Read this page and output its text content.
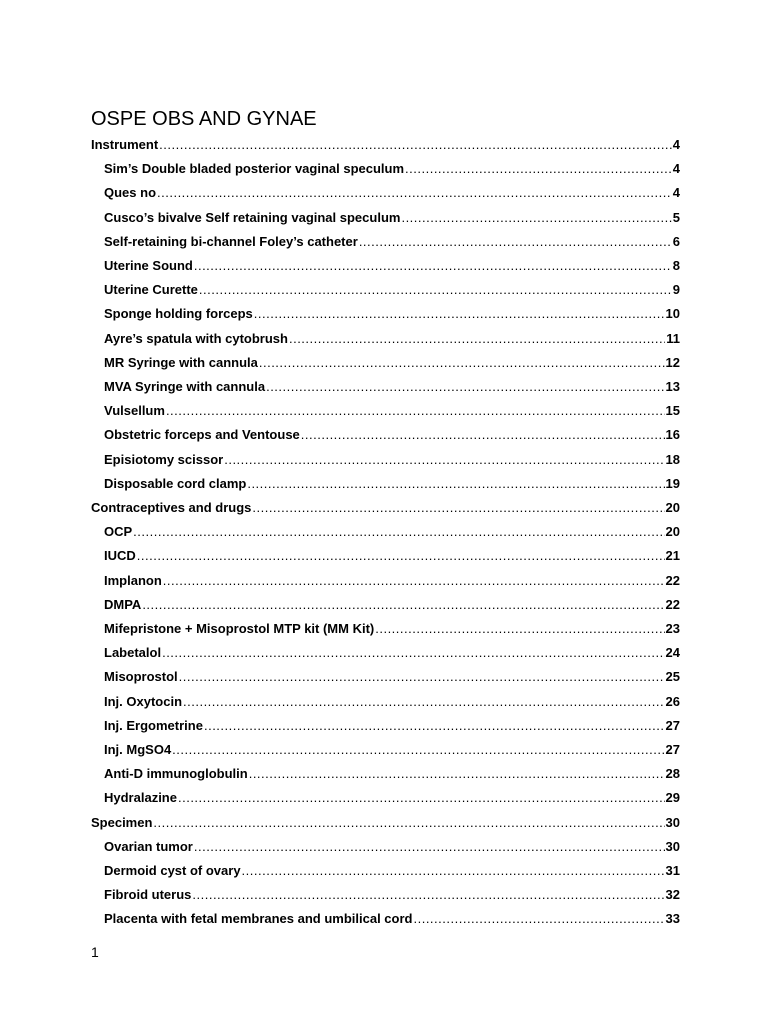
OSPE OBS AND GYNAE
Instrument .....	4
Sim’s Double bladed posterior vaginal speculum .....	4
Ques no .....	4
Cusco’s bivalve Self retaining vaginal speculum .....	5
Self-retaining bi-channel Foley’s catheter .....	6
Uterine Sound .....	8
Uterine Curette .....	9
Sponge holding forceps .....	10
Ayre’s spatula with cytobrush .....	11
MR Syringe with cannula .....	12
MVA Syringe with cannula .....	13
Vulsellum .....	15
Obstetric forceps and Ventouse .....	16
Episiotomy scissor .....	18
Disposable cord clamp .....	19
Contraceptives and drugs .....	20
OCP .....	20
IUCD .....	21
Implanon .....	22
DMPA .....	22
Mifepristone + Misoprostol MTP kit (MM Kit) .....	23
Labetalol .....	24
Misoprostol .....	25
Inj. Oxytocin .....	26
Inj. Ergometrine .....	27
Inj. MgSO4 .....	27
Anti-D immunoglobulin .....	28
Hydralazine .....	29
Specimen .....	30
Ovarian tumor .....	30
Dermoid cyst of ovary .....	31
Fibroid uterus .....	32
Placenta with fetal membranes and umbilical cord .....	33
1
